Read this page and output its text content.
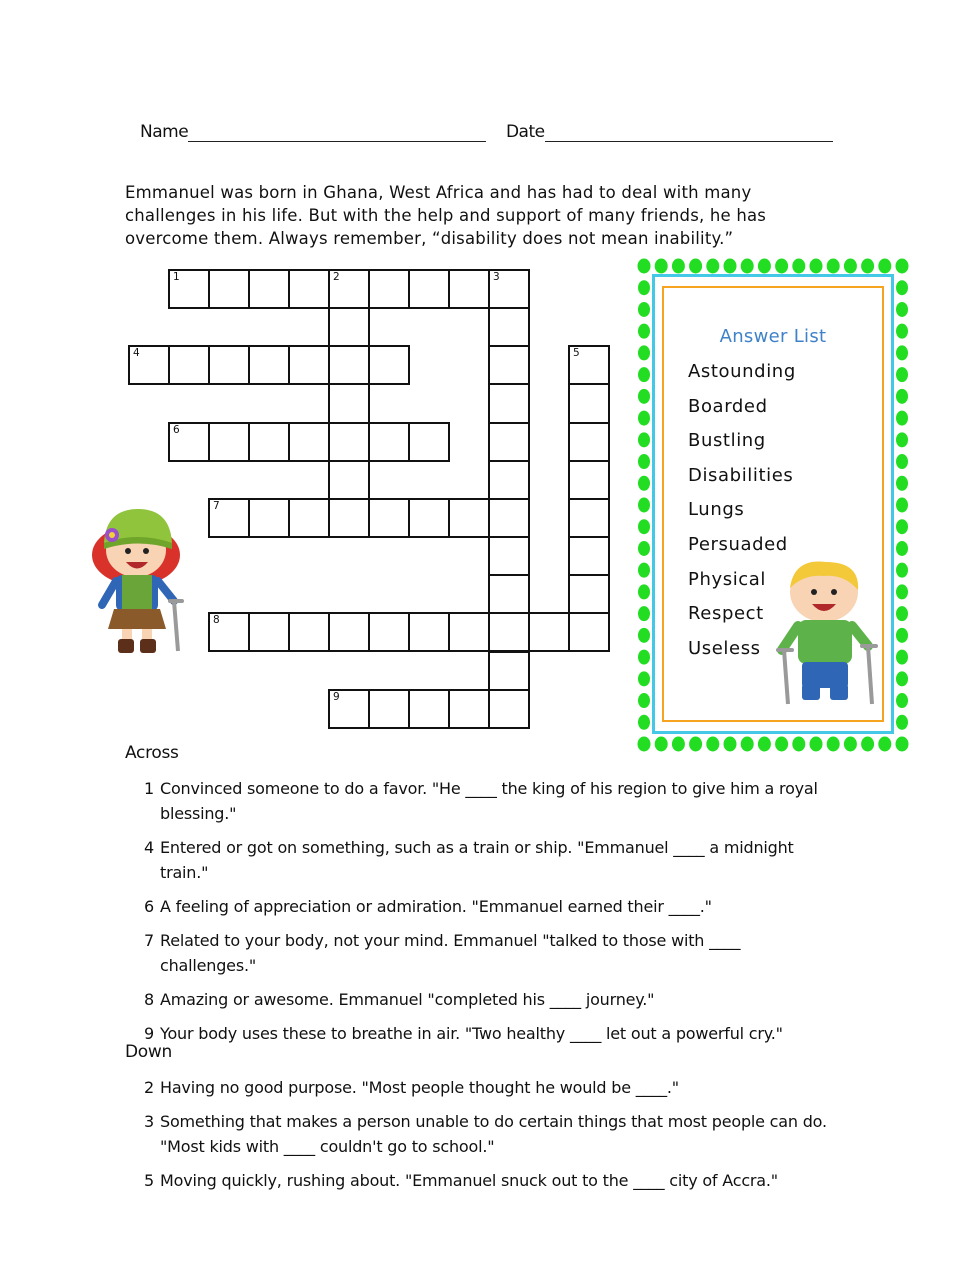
Name	Date
Emmanuel was born in Ghana, West Africa and has had to deal with many challenges in his life. But with the help and support of many friends, he has overcome them. Always remember, “disability does not mean inability.”
1	2	3
4	5
6
7
8
9
Answer List
Astounding
Boarded
Bustling
Disabilities
Lungs
Persuaded
Physical
Respect
Useless
Across
1 Convinced someone to do a favor. "He ____ the king of his region to give him a royal blessing."
4 Entered or got on something, such as a train or ship. "Emmanuel ____ a midnight train."
6 A feeling of appreciation or admiration. "Emmanuel earned their ____."
7 Related to your body, not your mind. Emmanuel "talked to those with ____ challenges."
8 Amazing or awesome. Emmanuel "completed his ____ journey."
9 Your body uses these to breathe in air. "Two healthy ____ let out a powerful cry."
Down
2 Having no good purpose. "Most people thought he would be ____."
3 Something that makes a person unable to do certain things that most people can do. "Most kids with ____ couldn't go to school."
5 Moving quickly, rushing about. "Emmanuel snuck out to the ____ city of Accra."
